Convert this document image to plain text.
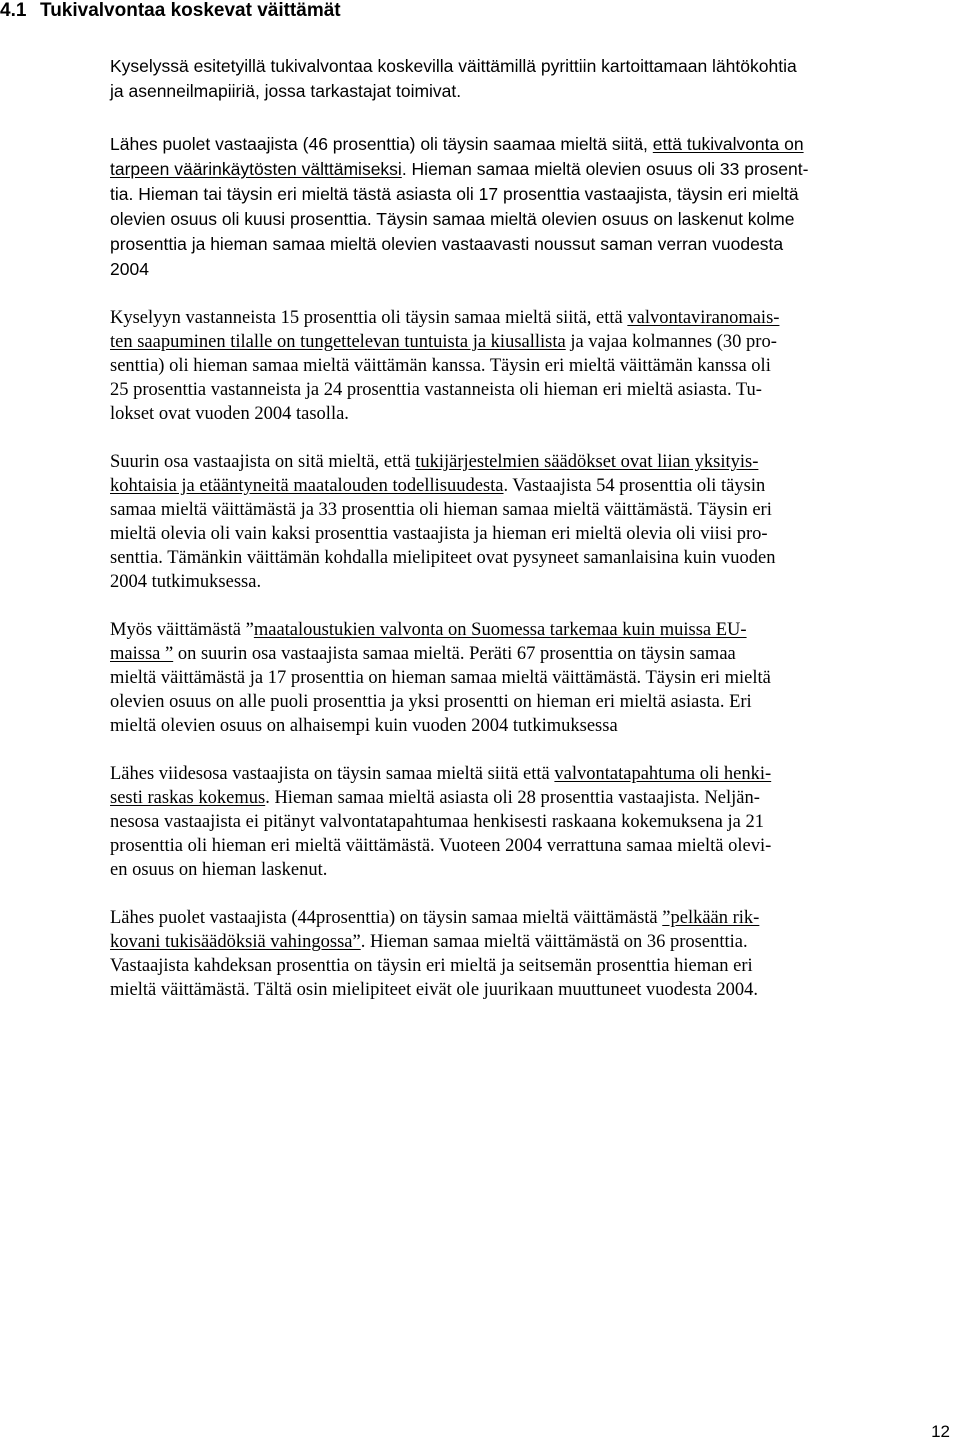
4.1 Tukivalvontaa koskevat väittämät

Kyselyssä esitetyillä tukivalvontaa koskevilla väittämillä pyrittiin kartoittamaan lähtökohtia
ja asenneilmapiiriä, jossa tarkastajat toimivat.

Lähes puolet vastaajista (46 prosenttia) oli täysin saamaa mieltä siitä, että tukivalvonta on
tarpeen väärinkäytösten välttämiseksi. Hieman samaa mieltä olevien osuus oli 33 prosent-
tia. Hieman tai täysin eri mieltä tästä asiasta oli 17 prosenttia vastaajista, täysin eri mieltä
olevien osuus oli kuusi prosenttia. Täysin samaa mieltä olevien osuus on laskenut kolme
prosenttia ja hieman samaa mieltä olevien vastaavasti noussut saman verran vuodesta
2004

Kyselyyn vastanneista 15 prosenttia oli täysin samaa mieltä siitä, että valvontaviranomais-
ten saapuminen tilalle on tungettelevan tuntuista ja kiusallista ja vajaa kolmannes (30 pro-
senttia) oli hieman samaa mieltä väittämän kanssa. Täysin eri mieltä väittämän kanssa oli
25 prosenttia vastanneista ja 24 prosenttia vastanneista oli hieman eri mieltä asiasta. Tu-
lokset ovat vuoden 2004 tasolla.

Suurin osa vastaajista on sitä mieltä, että tukijärjestelmien säädökset ovat liian yksityis-
kohtaisia ja etääntyneitä maatalouden todellisuudesta. Vastaajista 54 prosenttia oli täysin
samaa mieltä väittämästä ja 33 prosenttia oli hieman samaa mieltä väittämästä. Täysin eri
mieltä olevia oli vain kaksi prosenttia vastaajista ja hieman eri mieltä olevia oli viisi pro-
senttia. Tämänkin väittämän kohdalla mielipiteet ovat pysyneet samanlaisina kuin vuoden
2004 tutkimuksessa.

Myös väittämästä ”maataloustukien valvonta on Suomessa tarkemaa kuin muissa EU-
maissa ” on suurin osa vastaajista samaa mieltä. Peräti 67 prosenttia on täysin samaa
mieltä väittämästä ja 17 prosenttia on hieman samaa mieltä väittämästä. Täysin eri mieltä
olevien osuus on alle puoli prosenttia ja yksi prosentti on hieman eri mieltä asiasta. Eri
mieltä olevien osuus on alhaisempi kuin vuoden 2004 tutkimuksessa

Lähes viidesosa vastaajista on täysin samaa mieltä siitä että valvontatapahtuma oli henki-
sesti raskas kokemus. Hieman samaa mieltä asiasta oli 28 prosenttia vastaajista. Neljän-
nesosa vastaajista ei pitänyt valvontatapahtumaa henkisesti raskaana kokemuksena ja 21
prosenttia oli hieman eri mieltä väittämästä. Vuoteen 2004 verrattuna samaa mieltä olevi-
en osuus on hieman laskenut.

Lähes puolet vastaajista (44prosenttia) on täysin samaa mieltä väittämästä ”pelkään rik-
kovani tukisäädöksiä vahingossa”. Hieman samaa mieltä väittämästä on 36 prosenttia.
Vastaajista kahdeksan prosenttia on täysin eri mieltä ja seitsemän prosenttia hieman eri
mieltä väittämästä. Tältä osin mielipiteet eivät ole juurikaan muuttuneet vuodesta 2004.

12
